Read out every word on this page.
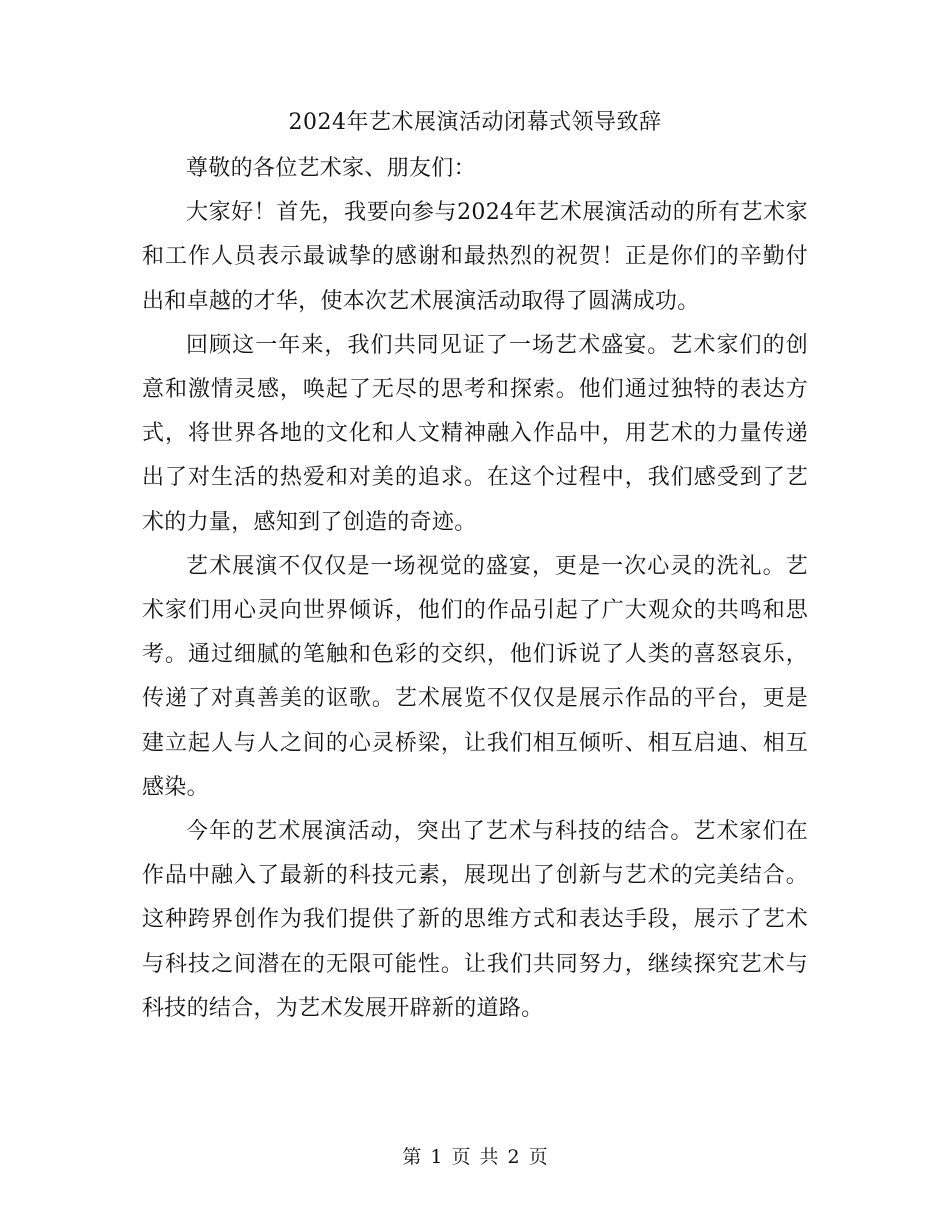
2024年艺术展演活动闭幕式领导致辞

尊敬的各位艺术家、朋友们：

大家好！首先，我要向参与2024年艺术展演活动的所有艺术家和工作人员表示最诚挚的感谢和最热烈的祝贺！正是你们的辛勤付出和卓越的才华，使本次艺术展演活动取得了圆满成功。

回顾这一年来，我们共同见证了一场艺术盛宴。艺术家们的创意和激情灵感，唤起了无尽的思考和探索。他们通过独特的表达方式，将世界各地的文化和人文精神融入作品中，用艺术的力量传递出了对生活的热爱和对美的追求。在这个过程中，我们感受到了艺术的力量，感知到了创造的奇迹。

艺术展演不仅仅是一场视觉的盛宴，更是一次心灵的洗礼。艺术家们用心灵向世界倾诉，他们的作品引起了广大观众的共鸣和思考。通过细腻的笔触和色彩的交织，他们诉说了人类的喜怒哀乐，传递了对真善美的讴歌。艺术展览不仅仅是展示作品的平台，更是建立起人与人之间的心灵桥梁，让我们相互倾听、相互启迪、相互感染。

今年的艺术展演活动，突出了艺术与科技的结合。艺术家们在作品中融入了最新的科技元素，展现出了创新与艺术的完美结合。这种跨界创作为我们提供了新的思维方式和表达手段，展示了艺术与科技之间潜在的无限可能性。让我们共同努力，继续探究艺术与科技的结合，为艺术发展开辟新的道路。

第 1 页 共 2 页
